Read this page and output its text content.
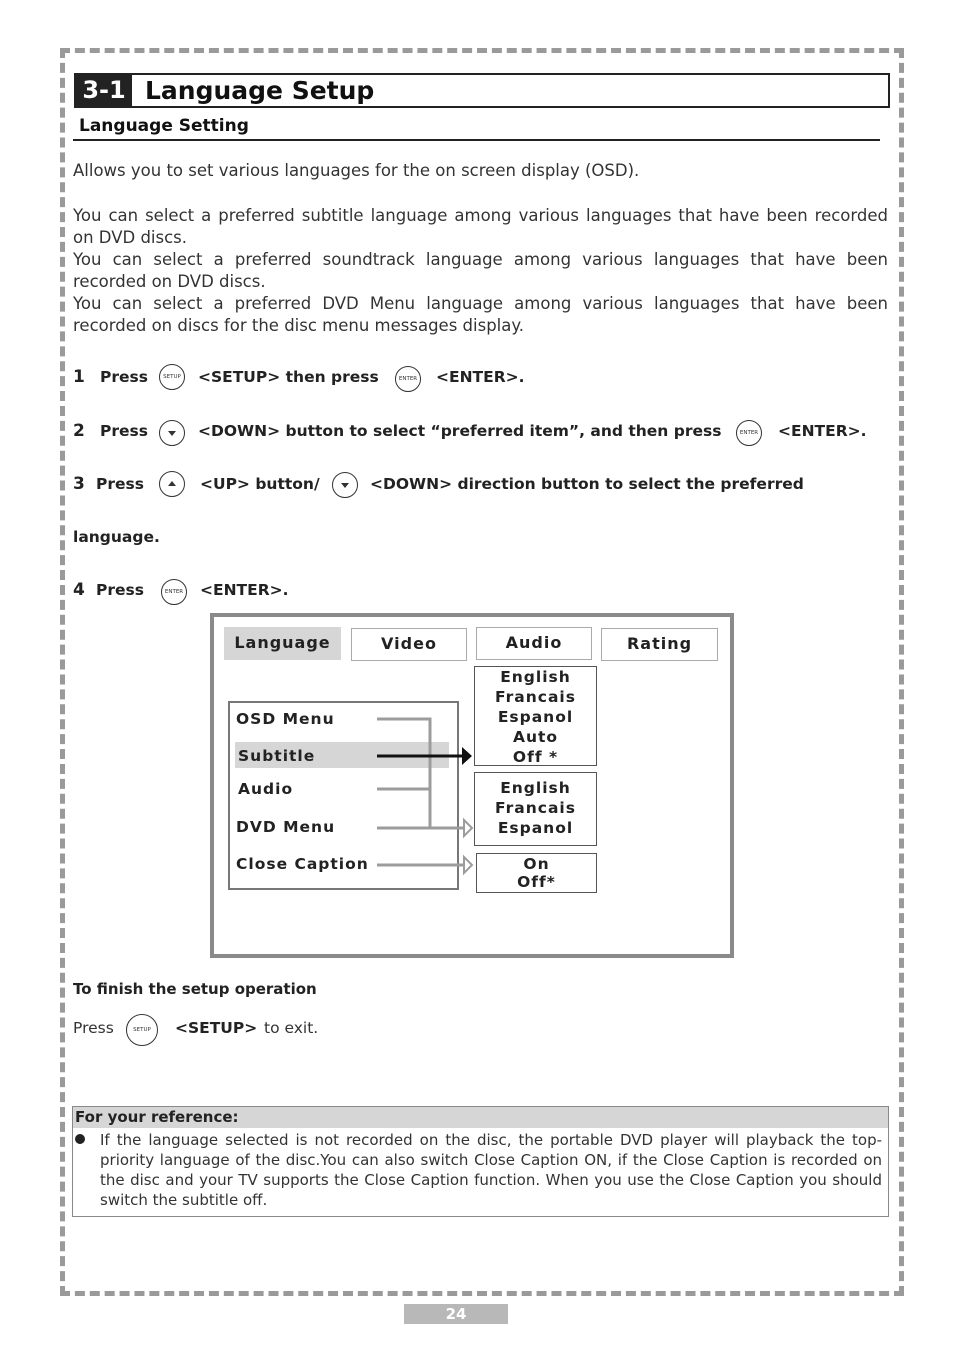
3-1 Language Setup
Language Setting

Allows you to set various languages for the on screen display (OSD).

You can select a preferred subtitle language among various languages that have been recorded on DVD discs.

You can select a preferred soundtrack language among various languages that have been recorded on DVD discs.

You can select a preferred DVD Menu language among various languages that have been recorded on discs for the disc menu messages display.

1 Press	SETUP <SETUP> then press	ENTER <ENTER>.
2 Press	<DOWN> button to select “preferred item”, and then press	ENTER <ENTER>.
3 Press	<UP> button/	<DOWN> direction button to select the preferred
language.
4 Press	ENTER <ENTER>.
Language	Video	Audio	Rating
OSD Menu
Subtitle
Audio
DVD Menu
Close Caption
English
Francais
Espanol
Auto
Off *
English
Francais
Espanol
On
Off*
To finish the setup operation
Press	SETUP	<SETUP> to exit.
For your reference:

If the language selected is not recorded on the disc, the portable DVD player will playback the top-priority language of the disc.You can also switch Close Caption ON, if the Close Caption is recorded on the disc and your TV supports the Close Caption function. When you use the Close Caption you should switch the subtitle off.

24
